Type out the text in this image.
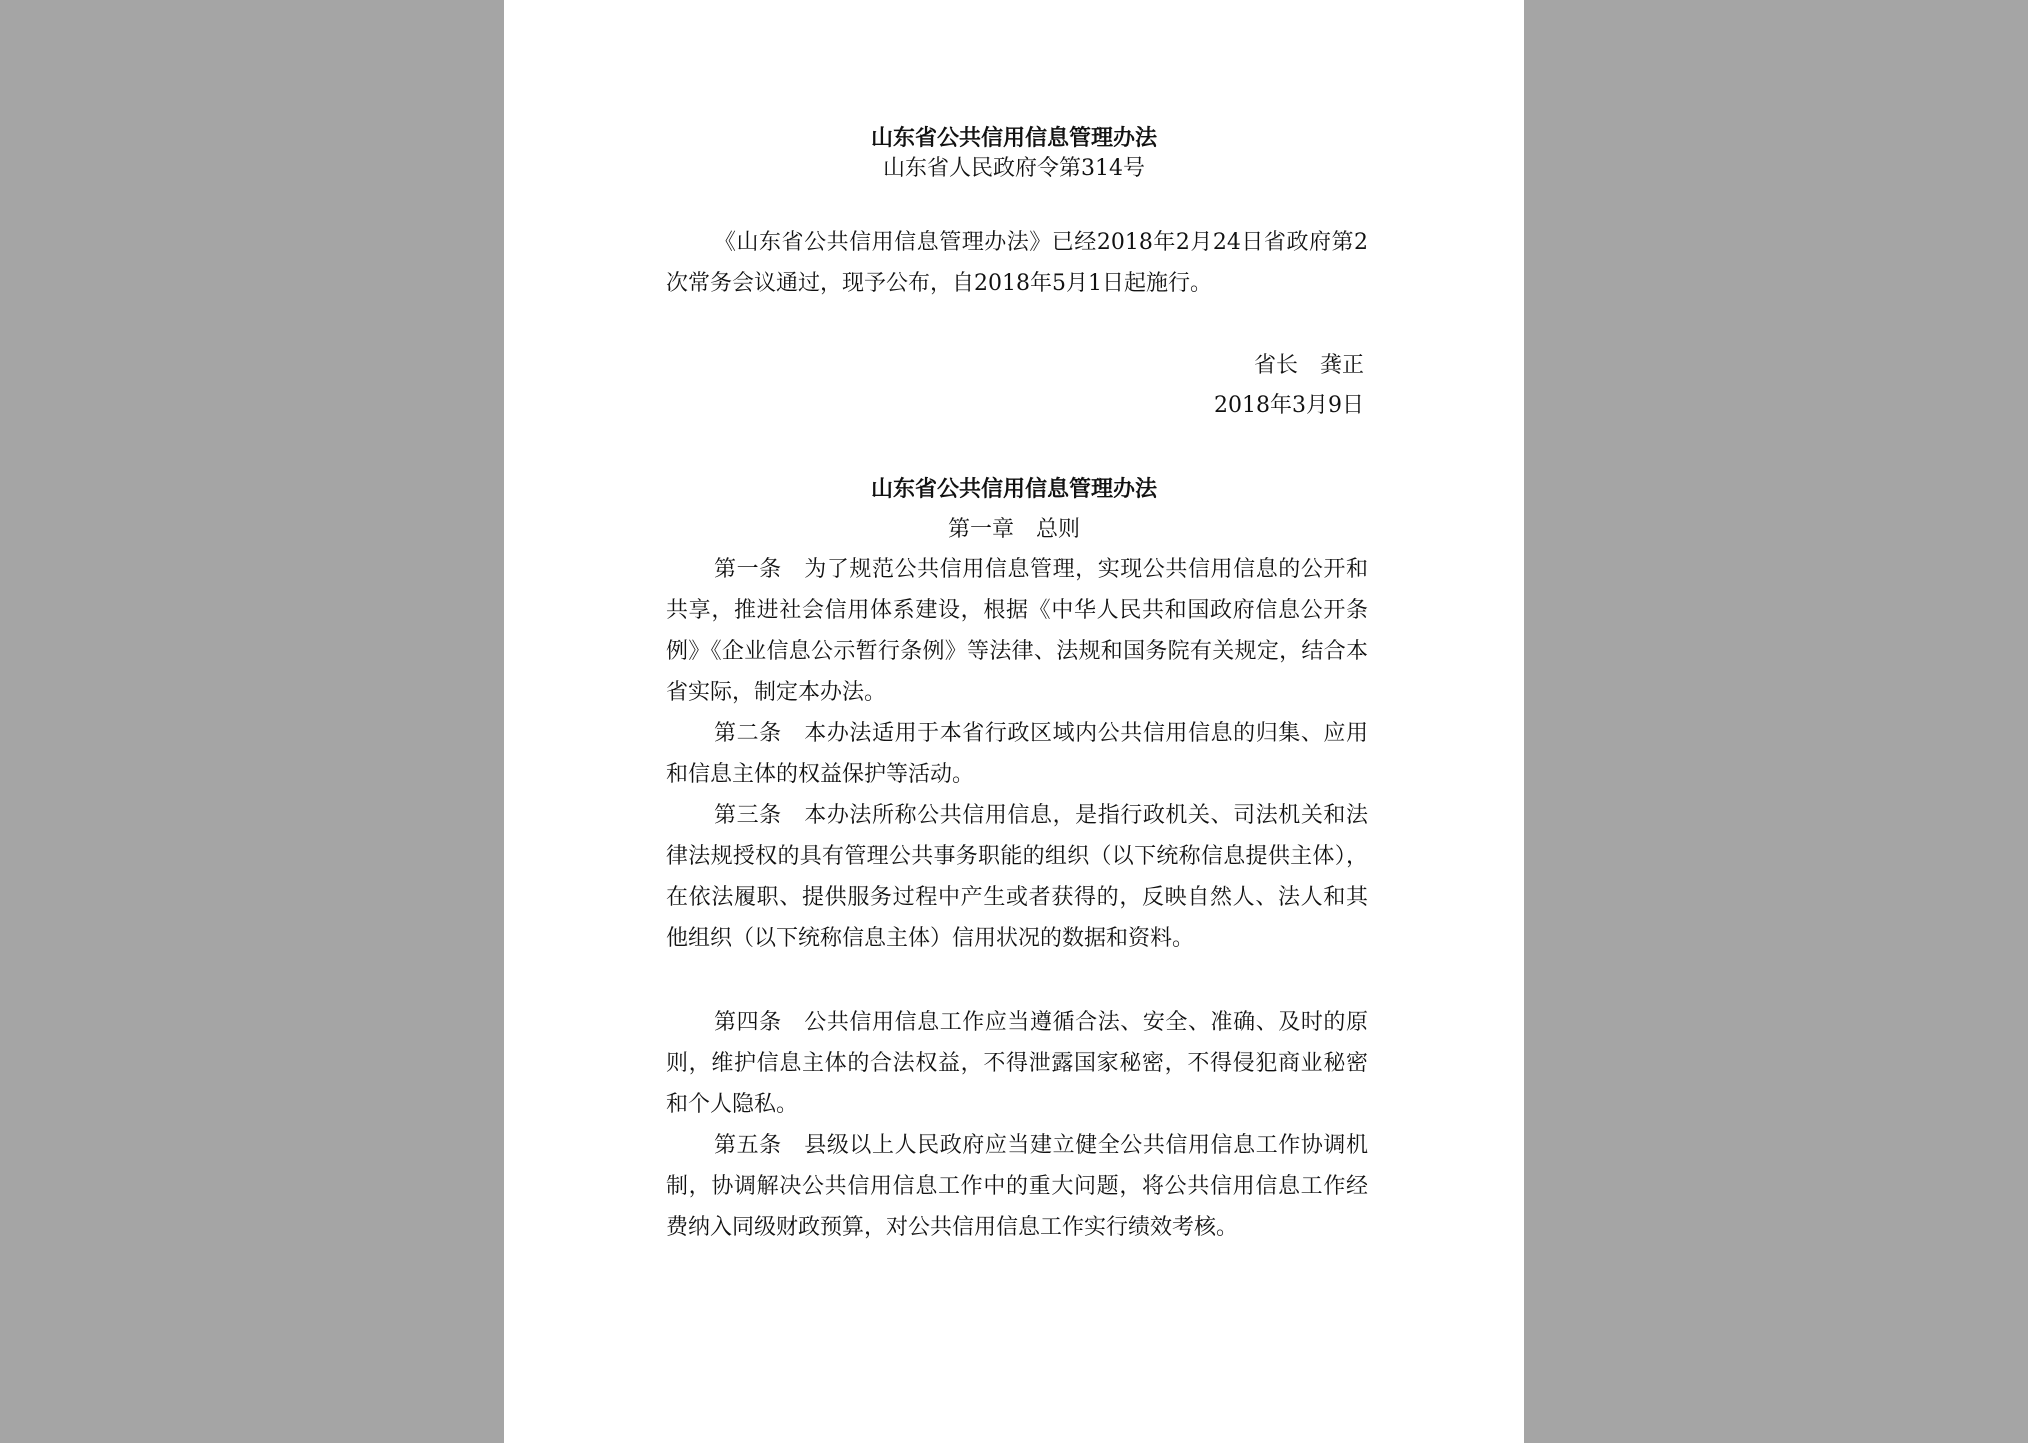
山东省公共信用信息管理办法
山东省人民政府令第314号
《山东省公共信用信息管理办法》已经2018年2月24日省政府第2次常务会议通过，现予公布，自2018年5月1日起施行。
省长　龚正
2018年3月9日
山东省公共信用信息管理办法
第一章　总则
第一条　为了规范公共信用信息管理，实现公共信用信息的公开和共享，推进社会信用体系建设，根据《中华人民共和国政府信息公开条例》《企业信息公示暂行条例》等法律、法规和国务院有关规定，结合本省实际，制定本办法。
第二条　本办法适用于本省行政区域内公共信用信息的归集、应用和信息主体的权益保护等活动。
第三条　本办法所称公共信用信息，是指行政机关、司法机关和法律法规授权的具有管理公共事务职能的组织（以下统称信息提供主体），在依法履职、提供服务过程中产生或者获得的，反映自然人、法人和其他组织（以下统称信息主体）信用状况的数据和资料。
第四条　公共信用信息工作应当遵循合法、安全、准确、及时的原则，维护信息主体的合法权益，不得泄露国家秘密，不得侵犯商业秘密和个人隐私。
第五条　县级以上人民政府应当建立健全公共信用信息工作协调机制，协调解决公共信用信息工作中的重大问题，将公共信用信息工作经费纳入同级财政预算，对公共信用信息工作实行绩效考核。
